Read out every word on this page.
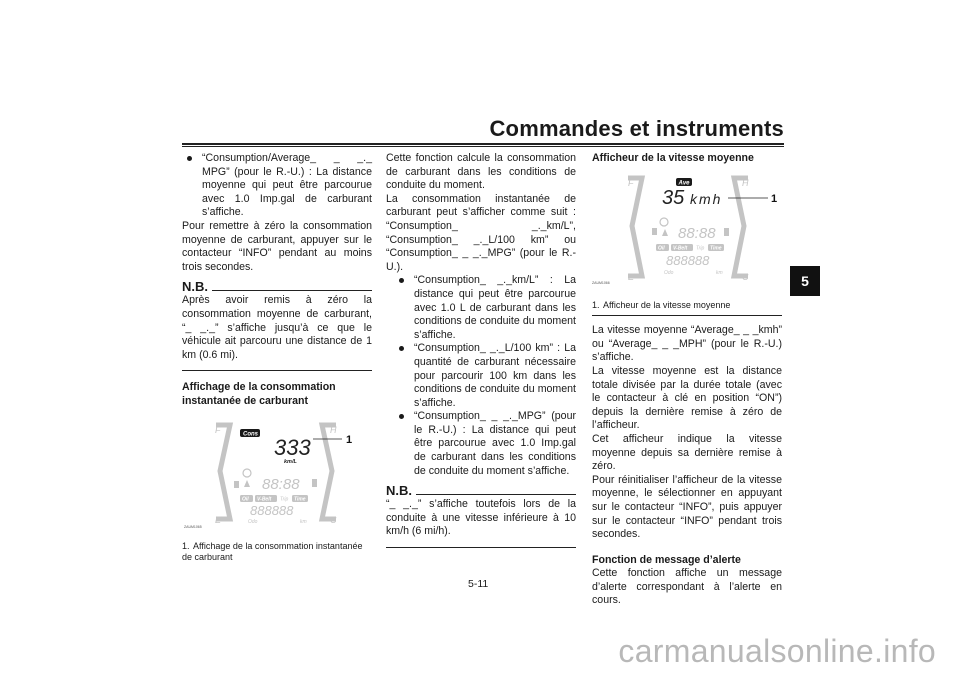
Commandes et instruments
“Consumption/Average_ _ _._ MPG” (pour le R.-U.) : La distance moyenne qui peut être parcourue avec 1.0 Imp.gal de carburant s’affiche.

Pour remettre à zéro la consommation moyenne de carburant, appuyer sur le contacteur “INFO” pendant au moins trois secondes.

N.B.

Après avoir remis à zéro la consommation moyenne de carburant, “_ _._” s’affiche jusqu’à ce que le véhicule ait parcouru une distance de 1 km (0.6 mi).

Affichage de la consommation instantanée de carburant

F	H
E	C
Cons
333
km/L
1
88:88
Oil V-Belt Trip Time
888888
Odo	km
ZAUM1065
1. Affichage de la consommation instantanée de carburant

Cette fonction calcule la consommation de carburant dans les conditions de conduite du moment.

La consommation instantanée de carburant peut s’afficher comme suit : “Consumption_ _._km/L”, “Consumption_ _._L/100 km” ou “Consumption_ _ _._MPG” (pour le R.-U.).

“Consumption_ _._km/L” : La distance qui peut être parcourue avec 1.0 L de carburant dans les conditions de conduite du moment s’affiche.
“Consumption_ _._L/100 km” : La quantité de carburant nécessaire pour parcourir 100 km dans les conditions de conduite du moment s’affiche.
“Consumption_ _ _._MPG” (pour le R.-U.) : La distance qui peut être parcourue avec 1.0 Imp.gal de carburant dans les conditions de conduite du moment s’affiche.
N.B.

“_ _._” s’affiche toutefois lors de la conduite à une vitesse inférieure à 10 km/h (6 mi/h).

Afficheur de la vitesse moyenne

F	H
E	C
Ave
35 kmh	1
88:88
Oil V-Belt Trip Time
888888
Odo	km
ZAUM1066
1. Afficheur de la vitesse moyenne

La vitesse moyenne “Average_ _ _kmh” ou “Average_ _ _MPH” (pour le R.-U.) s’affiche.

La vitesse moyenne est la distance totale divisée par la durée totale (avec le contacteur à clé en position “ON”) depuis la dernière remise à zéro de l’afficheur.

Cet afficheur indique la vitesse moyenne depuis sa dernière remise à zéro.

Pour réinitialiser l’afficheur de la vitesse moyenne, le sélectionner en appuyant sur le contacteur “INFO”, puis appuyer sur le contacteur “INFO” pendant trois secondes.

Fonction de message d’alerte

Cette fonction affiche un message d’alerte correspondant à l’alerte en cours.

5
5-11
carmanualsonline.info
